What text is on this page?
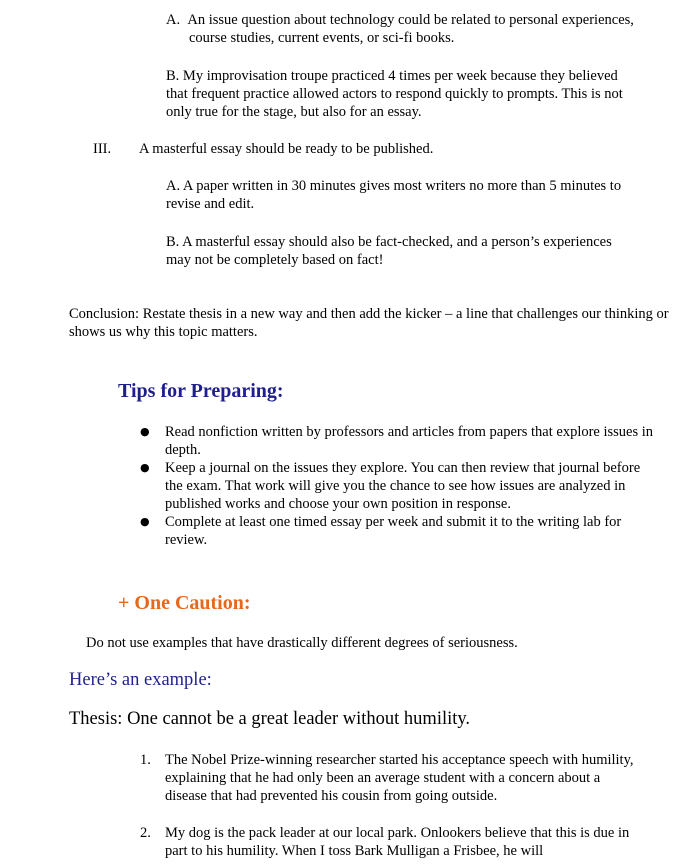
A. An issue question about technology could be related to personal experiences, course studies, current events, or sci-fi books.
B. My improvisation troupe practiced 4 times per week because they believed that frequent practice allowed actors to respond quickly to prompts. This is not only true for the stage, but also for an essay.
III. A masterful essay should be ready to be published.
A. A paper written in 30 minutes gives most writers no more than 5 minutes to revise and edit.
B. A masterful essay should also be fact-checked, and a person’s experiences may not be completely based on fact!
Conclusion: Restate thesis in a new way and then add the kicker – a line that challenges our thinking or shows us why this topic matters.
Tips for Preparing:
● Read nonfiction written by professors and articles from papers that explore issues in depth.
● Keep a journal on the issues they explore. You can then review that journal before the exam. That work will give you the chance to see how issues are analyzed in published works and choose your own position in response.
● Complete at least one timed essay per week and submit it to the writing lab for review.
+ One Caution:
Do not use examples that have drastically different degrees of seriousness.
Here’s an example:
Thesis: One cannot be a great leader without humility.
1. The Nobel Prize-winning researcher started his acceptance speech with humility, explaining that he had only been an average student with a concern about a disease that had prevented his cousin from going outside.
2. My dog is the pack leader at our local park. Onlookers believe that this is due in part to his humility. When I toss Bark Mulligan a Frisbee, he will
